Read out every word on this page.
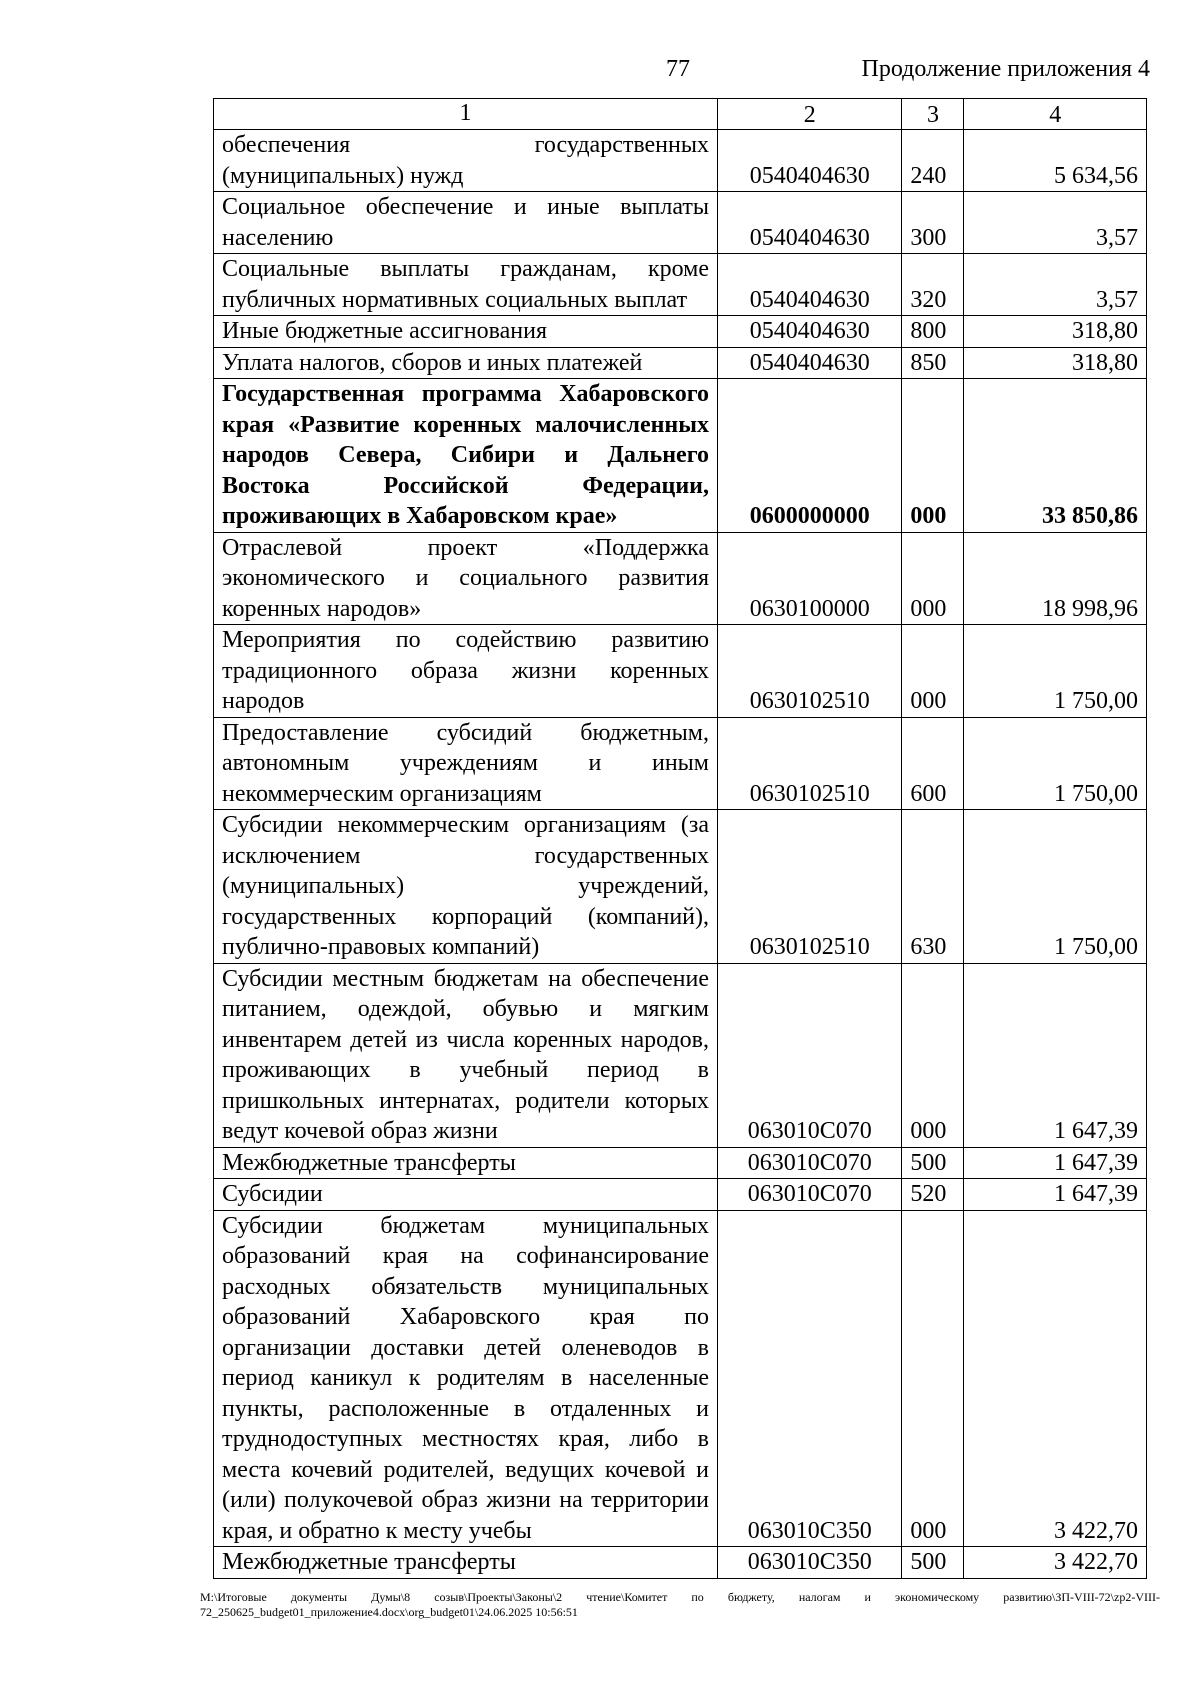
77	Продолжение приложения 4
1	2	3	4
обеспечения государственных (муниципальных) нужд	0540404630	240	5 634,56
Социальное обеспечение и иные выплаты населению	0540404630	300	3,57
Социальные выплаты гражданам, кроме публичных нормативных социальных выплат	0540404630	320	3,57
Иные бюджетные ассигнования	0540404630	800	318,80
Уплата налогов, сборов и иных платежей	0540404630	850	318,80
Государственная программа Хабаровского края «Развитие коренных малочисленных народов Севера, Сибири и Дальнего Востока Российской Федерации, проживающих в Хабаровском крае»	0600000000	000	33 850,86
Отраслевой проект «Поддержка экономического и социального развития коренных народов»	0630100000	000	18 998,96
Мероприятия по содействию развитию традиционного образа жизни коренных народов	0630102510	000	1 750,00
Предоставление субсидий бюджетным, автономным учреждениям и иным некоммерческим организациям	0630102510	600	1 750,00
Субсидии некоммерческим организациям (за исключением государственных (муниципальных) учреждений, государственных корпораций (компаний), публично-правовых компаний)	0630102510	630	1 750,00
Субсидии местным бюджетам на обеспечение питанием, одеждой, обувью и мягким инвентарем детей из числа коренных народов, проживающих в учебный период в пришкольных интернатах, родители которых ведут кочевой образ жизни	063010С070	000	1 647,39
Межбюджетные трансферты	063010С070	500	1 647,39
Субсидии	063010С070	520	1 647,39
Субсидии бюджетам муниципальных образований края на софинансирование расходных обязательств муниципальных образований Хабаровского края по организации доставки детей оленеводов в период каникул к родителям в населенные пункты, расположенные в отдаленных и труднодоступных местностях края, либо в места кочевий родителей, ведущих кочевой и (или) полукочевой образ жизни на территории края, и обратно к месту учебы	063010С350	000	3 422,70
Межбюджетные трансферты	063010С350	500	3 422,70
M:\Итоговые документы Думы\8 созыв\Проекты\Законы\2 чтение\Комитет по бюджету, налогам и экономическому развитию\ЗП-VIII-72\zp2-VIII-72_250625_budget01_приложение4.docx\org_budget01\24.06.2025 10:56:51
